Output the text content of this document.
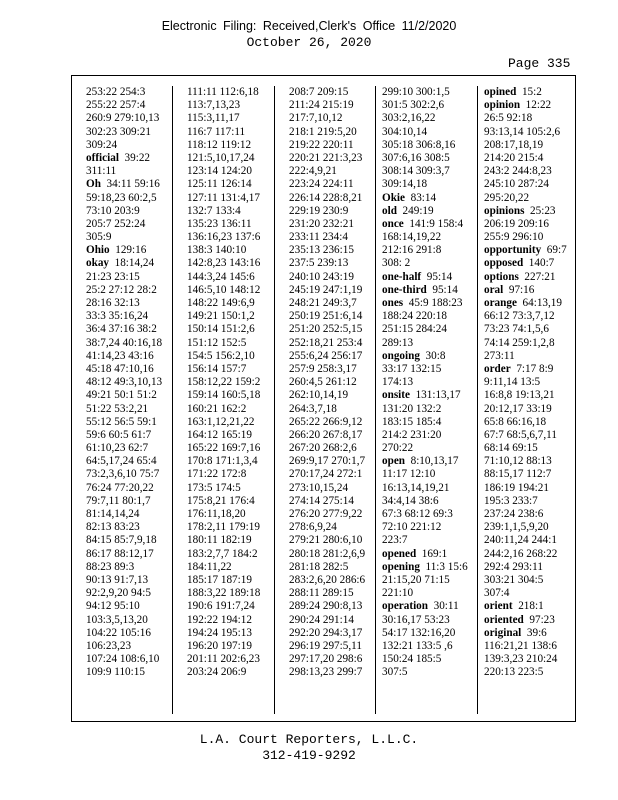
Electronic Filing: Received,Clerk's Office 11/2/2020
October 26, 2020
Page 335
253:22 254:3
255:22 257:4
260:9 279:10,13
302:23 309:21
309:24
official 39:22
311:11
Oh 34:11 59:16
59:18,23 60:2,5
73:10 203:9
205:7 252:24
305:9
Ohio 129:16
okay 18:14,24
21:23 23:15
25:2 27:12 28:2
28:16 32:13
33:3 35:16,24
36:4 37:16 38:2
38:7,24 40:16,18
41:14,23 43:16
45:18 47:10,16
48:12 49:3,10,13
49:21 50:1 51:2
51:22 53:2,21
55:12 56:5 59:1
59:6 60:5 61:7
61:10,23 62:7
64:5,17,24 65:4
73:2,3,6,10 75:7
76:24 77:20,22
79:7,11 80:1,7
81:14,14,24
82:13 83:23
84:15 85:7,9,18
86:17 88:12,17
88:23 89:3
90:13 91:7,13
92:2,9,20 94:5
94:12 95:10
103:3,5,13,20
104:22 105:16
106:23,23
107:24 108:6,10
109:9 110:15
111:11 112:6,18
113:7,13,23
115:3,11,17
116:7 117:11
118:12 119:12
121:5,10,17,24
123:14 124:20
125:11 126:14
127:11 131:4,17
132:7 133:4
135:23 136:11
136:16,23 137:6
138:3 140:10
142:8,23 143:16
144:3,24 145:6
146:5,10 148:12
148:22 149:6,9
149:21 150:1,2
150:14 151:2,6
151:12 152:5
154:5 156:2,10
156:14 157:7
158:12,22 159:2
159:14 160:5,18
160:21 162:2
163:1,12,21,22
164:12 165:19
165:22 169:7,16
170:8 171:1,3,4
171:22 172:8
173:5 174:5
175:8,21 176:4
176:11,18,20
178:2,11 179:19
180:11 182:19
183:2,7,7 184:2
184:11,22
185:17 187:19
188:3,22 189:18
190:6 191:7,24
192:22 194:12
194:24 195:13
196:20 197:19
201:11 202:6,23
203:24 206:9
208:7 209:15
211:24 215:19
217:7,10,12
218:1 219:5,20
219:22 220:11
220:21 221:3,23
222:4,9,21
223:24 224:11
226:14 228:8,21
229:19 230:9
231:20 232:21
233:11 234:4
235:13 236:15
237:5 239:13
240:10 243:19
245:19 247:1,19
248:21 249:3,7
250:19 251:6,14
251:20 252:5,15
252:18,21 253:4
255:6,24 256:17
257:9 258:3,17
260:4,5 261:12
262:10,14,19
264:3,7,18
265:22 266:9,12
266:20 267:8,17
267:20 268:2,6
269:9,17 270:1,7
270:17,24 272:1
273:10,15,24
274:14 275:14
276:20 277:9,22
278:6,9,24
279:21 280:6,10
280:18 281:2,6,9
281:18 282:5
283:2,6,20 286:6
288:11 289:15
289:24 290:8,13
290:24 291:14
292:20 294:3,17
296:19 297:5,11
297:17,20 298:6
298:13,23 299:7
299:10 300:1,5
301:5 302:2,6
303:2,16,22
304:10,14
305:18 306:8,16
307:6,16 308:5
308:14 309:3,7
309:14,18
Okie 83:14
old 249:19
once 141:9 158:4
168:14,19,22
212:16 291:8
308: 2
one-half 95:14
one-third 95:14
ones 45:9 188:23
188:24 220:18
251:15 284:24
289:13
ongoing 30:8
33:17 132:15
174:13
onsite 131:13,17
131:20 132:2
183:15 185:4
214:2 231:20
270:22
open 8:10,13,17
11:17 12:10
16:13,14,19,21
34:4,14 38:6
67:3 68:12 69:3
72:10 221:12
223:7
opened 169:1
opening 11:3 15:6
21:15,20 71:15
221:10
operation 30:11
30:16,17 53:23
54:17 132:16,20
132:21 133:5 ,6
150:24 185:5
307:5
opined 15:2
opinion 12:22
26:5 92:18
93:13,14 105:2,6
208:17,18,19
214:20 215:4
243:2 244:8,23
245:10 287:24
295:20,22
opinions 25:23
206:19 209:16
255:9 296:10
opportunity 69:7
opposed 140:7
options 227:21
oral 97:16
orange 64:13,19
66:12 73:3,7,12
73:23 74:1,5,6
74:14 259:1,2,8
273:11
order 7:17 8:9
9:11,14 13:5
16:8,8 19:13,21
20:12,17 33:19
65:8 66:16,18
67:7 68:5,6,7,11
68:14 69:15
71:10,12 88:13
88:15,17 112:7
186:19 194:21
195:3 233:7
237:24 238:6
239:1,1,5,9,20
240:11,24 244:1
244:2,16 268:22
292:4 293:11
303:21 304:5
307:4
orient 218:1
oriented 97:23
original 39:6
116:21,21 138:6
139:3,23 210:24
220:13 223:5
L.A. Court Reporters, L.L.C.
312-419-9292
